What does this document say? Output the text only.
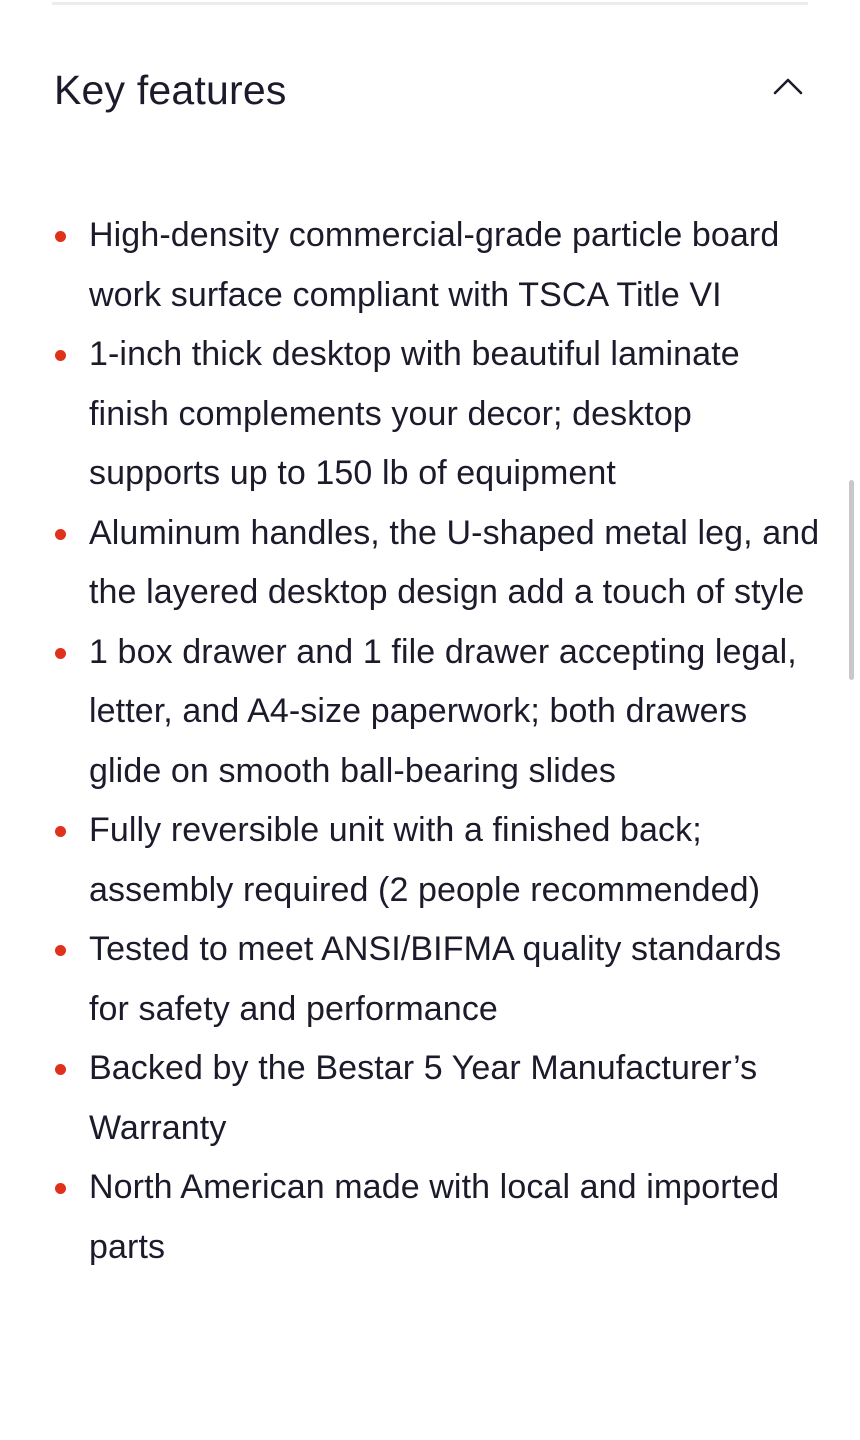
Key features
High-density commercial-grade particle board work surface compliant with TSCA Title VI
1-inch thick desktop with beautiful laminate finish complements your decor; desktop supports up to 150 lb of equipment
Aluminum handles, the U-shaped metal leg, and the layered desktop design add a touch of style
1 box drawer and 1 file drawer accepting legal, letter, and A4-size paperwork; both drawers glide on smooth ball-bearing slides
Fully reversible unit with a finished back; assembly required (2 people recommended)
Tested to meet ANSI/BIFMA quality standards for safety and performance
Backed by the Bestar 5 Year Manufacturer’s Warranty
North American made with local and imported parts
